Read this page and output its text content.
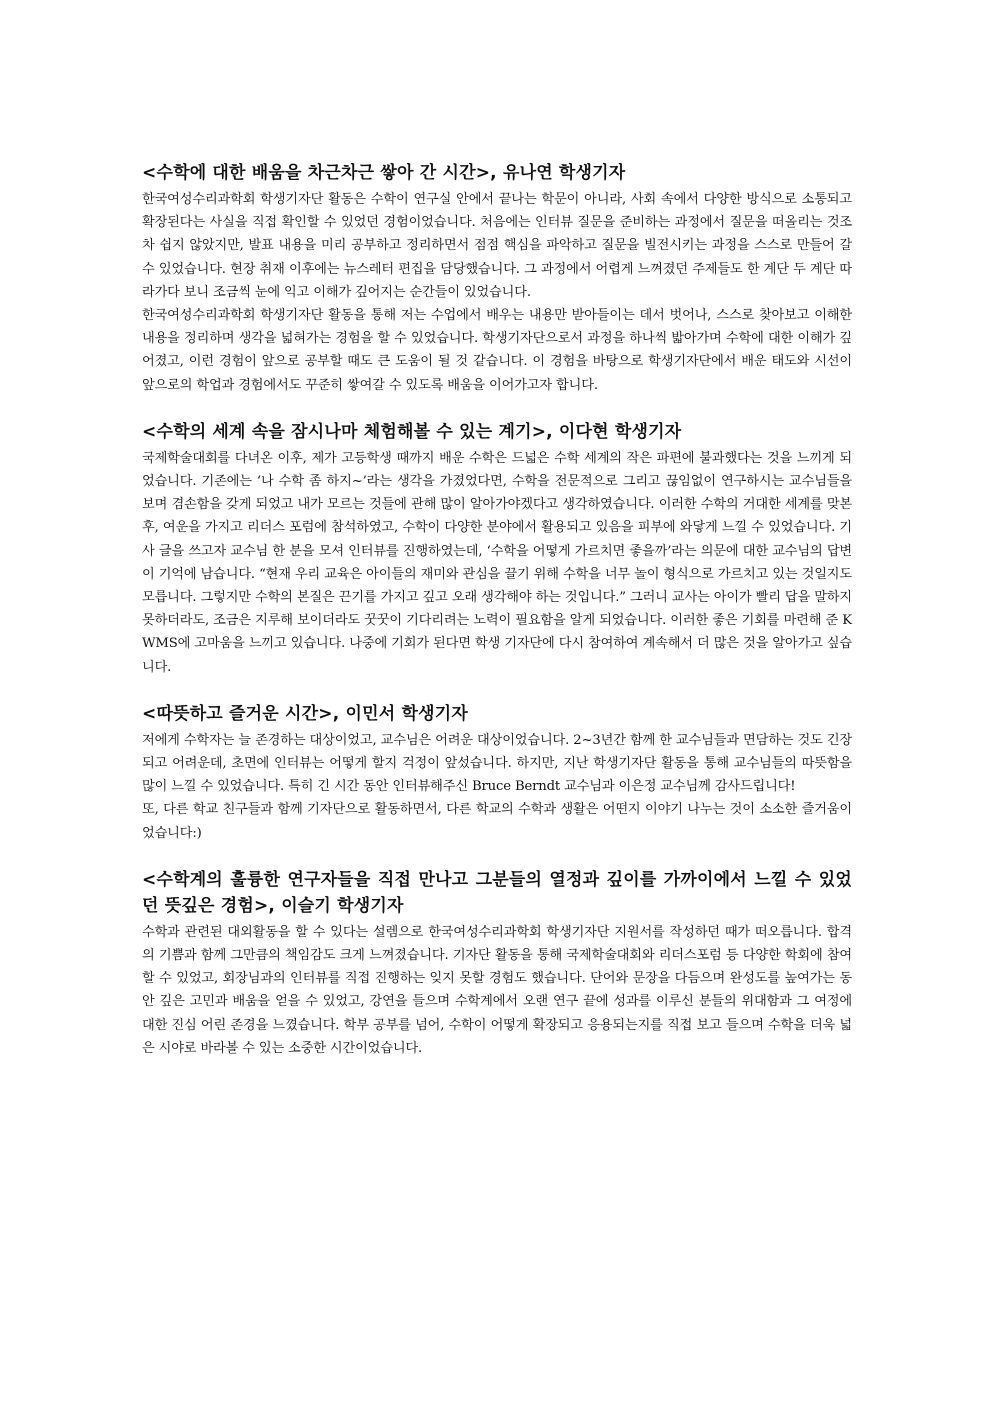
<수학에 대한 배움을 차근차근 쌓아 간 시간>, 유나연 학생기자

한국여성수리과학회 학생기자단 활동은 수학이 연구실 안에서 끝나는 학문이 아니라, 사회 속에서 다양한 방식으로 소통되고 확장된다는 사실을 직접 확인할 수 있었던 경험이었습니다. 처음에는 인터뷰 질문을 준비하는 과정에서 질문을 떠올리는 것조차 쉽지 않았지만, 발표 내용을 미리 공부하고 정리하면서 점점 핵심을 파악하고 질문을 빌전시키는 과정을 스스로 만들어 갈 수 있었습니다. 현장 취재 이후에는 뉴스레터 편집을 담당했습니다. 그 과정에서 어렵게 느껴졌던 주제들도 한 계단 두 계단 따라가다 보니 조금씩 눈에 익고 이해가 깊어지는 순간들이 있었습니다.

한국여성수리과학회 학생기자단 활동을 통해 저는 수업에서 배우는 내용만 받아들이는 데서 벗어나, 스스로 찾아보고 이해한 내용을 정리하며 생각을 넓혀가는 경험을 할 수 있었습니다. 학생기자단으로서 과정을 하나씩 밟아가며 수학에 대한 이해가 깊어졌고, 이런 경험이 앞으로 공부할 때도 큰 도움이 될 것 같습니다. 이 경험을 바탕으로 학생기자단에서 배운 태도와 시선이 앞으로의 학업과 경험에서도 꾸준히 쌓여갈 수 있도록 배움을 이어가고자 합니다.

<수학의 세계 속을 잠시나마 체험해볼 수 있는 계기>, 이다현 학생기자

국제학술대회를 다녀온 이후, 제가 고등학생 때까지 배운 수학은 드넓은 수학 세계의 작은 파편에 불과했다는 것을 느끼게 되었습니다. 기존에는 ‘나 수학 좀 하지~’라는 생각을 가졌었다면, 수학을 전문적으로 그리고 끊임없이 연구하시는 교수님들을 보며 겸손함을 갖게 되었고 내가 모르는 것들에 관해 많이 알아가야겠다고 생각하였습니다. 이러한 수학의 거대한 세계를 맞본 후, 여운을 가지고 리더스 포럼에 참석하였고, 수학이 다양한 분야에서 활용되고 있음을 피부에 와닿게 느낄 수 있었습니다. 기사 글을 쓰고자 교수님 한 분을 모셔 인터뷰를 진행하였는데, ‘수학을 어떻게 가르치면 좋을까’라는 의문에 대한 교수님의 답변이 기억에 남습니다. “현재 우리 교육은 아이들의 재미와 관심을 끌기 위해 수학을 너무 놀이 형식으로 가르치고 있는 것일지도 모릅니다. 그렇지만 수학의 본질은 끈기를 가지고 깊고 오래 생각해야 하는 것입니다.” 그러니 교사는 아이가 빨리 답을 말하지 못하더라도, 조금은 지루해 보이더라도 꿋꿋이 기다리려는 노력이 필요함을 알게 되었습니다. 이러한 좋은 기회를 마련해 준 KWMS에 고마움을 느끼고 있습니다. 나중에 기회가 된다면 학생 기자단에 다시 참여하여 계속해서 더 많은 것을 알아가고 싶습니다.

<따뜻하고 즐거운 시간>, 이민서 학생기자

저에게 수학자는 늘 존경하는 대상이었고, 교수님은 어려운 대상이었습니다. 2~3년간 함께 한 교수님들과 면담하는 것도 긴장되고 어려운데, 초면에 인터뷰는 어떻게 할지 걱정이 앞섰습니다. 하지만, 지난 학생기자단 활동을 통해 교수님들의 따뜻함을 많이 느낄 수 있었습니다. 특히 긴 시간 동안 인터뷰해주신 Bruce Berndt 교수님과 이은정 교수님께 감사드립니다!

또, 다른 학교 친구들과 함께 기자단으로 활동하면서, 다른 학교의 수학과 생활은 어떤지 이야기 나누는 것이 소소한 즐거움이었습니다:)

<수학계의 훌륭한 연구자들을 직접 만나고 그분들의 열정과 깊이를 가까이에서 느낄 수 있었던 뜻깊은 경험>, 이슬기 학생기자

수학과 관련된 대외활동을 할 수 있다는 설렘으로 한국여성수리과학회 학생기자단 지원서를 작성하던 때가 떠오릅니다. 합격의 기쁨과 함께 그만큼의 책임감도 크게 느껴졌습니다. 기자단 활동을 통해 국제학술대회와 리더스포럼 등 다양한 학회에 참여할 수 있었고, 회장님과의 인터뷰를 직접 진행하는 잊지 못할 경험도 했습니다. 단어와 문장을 다듬으며 완성도를 높여가는 동안 깊은 고민과 배움을 얻을 수 있었고, 강연을 들으며 수학계에서 오랜 연구 끝에 성과를 이루신 분들의 위대함과 그 여정에 대한 진심 어린 존경을 느꼈습니다. 학부 공부를 넘어, 수학이 어떻게 확장되고 응용되는지를 직접 보고 들으며 수학을 더욱 넓은 시야로 바라볼 수 있는 소중한 시간이었습니다.
